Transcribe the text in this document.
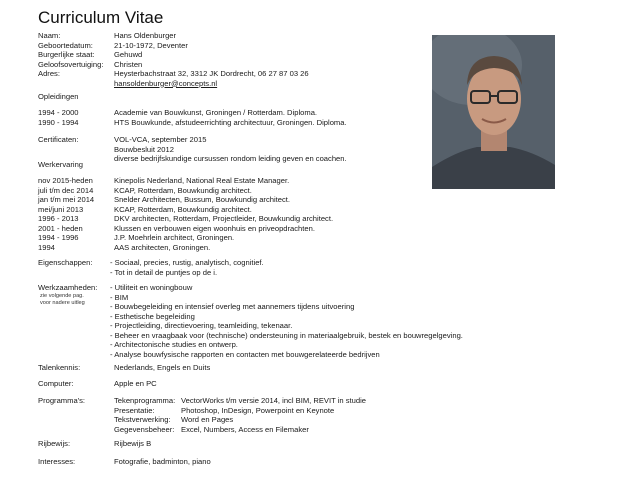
Curriculum Vitae
Naam:	Hans Oldenburger
Geboortedatum:	21-10-1972, Deventer
Burgerlijke staat:	Gehuwd
Geloofsovertuiging: Christen
Adres:	Heysterbachstraat 32, 3312 JK Dordrecht, 06 27 87 03 26
hansoldenburger@concepts.nl
Opleidingen
1994 - 2000	Academie van Bouwkunst, Groningen / Rotterdam. Diploma.
1990 - 1994	HTS Bouwkunde, afstudeerrichting architectuur, Groningen. Diploma.
Certificaten:	VOL-VCA, september 2015
Bouwbesluit 2012
diverse bedrijfskundige cursussen rondom leiding geven en coachen.
Werkervaring
nov 2015-heden	Kinepolis Nederland, National Real Estate Manager.
juli t/m dec 2014	KCAP, Rotterdam, Bouwkundig architect.
jan t/m mei 2014	Snelder Architecten, Bussum, Bouwkundig architect.
mei/juni 2013	KCAP, Rotterdam, Bouwkundig architect.
1996 - 2013	DKV architecten, Rotterdam, Projectleider, Bouwkundig architect.
2001 - heden	Klussen en verbouwen eigen woonhuis en priveopdrachten.
1994 - 1996	J.P. Moehrlein architect, Groningen.
1994	AAS architecten, Groningen.
Eigenschappen: - Sociaal, precies, rustig, analytisch, cognitief.
- Tot in detail de puntjes op de i.
Werkzaamheden:
zie volgende pag.
voor nadere uitleg
- Utiliteit en woningbouw
- BIM
- Bouwbegeleiding en intensief overleg met aannemers tijdens uitvoering
- Esthetische begeleiding
- Projectleiding, directievoering, teamleiding, tekenaar.
- Beheer en vraagbaak voor (technische) ondersteuning in materiaalgebruik, bestek en bouwregelgeving.
- Architectonische studies en ontwerp.
- Analyse bouwfysische rapporten en contacten met bouwgerelateerde bedrijven
Talenkennis:	Nederlands, Engels en Duits
Computer:	Apple en PC
Programma's:	Tekenprogramma: VectorWorks t/m versie 2014, incl BIM, REVIT in studie
Presentatie:	Photoshop, InDesign, Powerpoint en Keynote
Tekstverwerking: Word en Pages
Gegevensbeheer: Excel, Numbers, Access en Filemaker
Rijbewijs:	Rijbewijs B
Interesses:	Fotografie, badminton, piano
